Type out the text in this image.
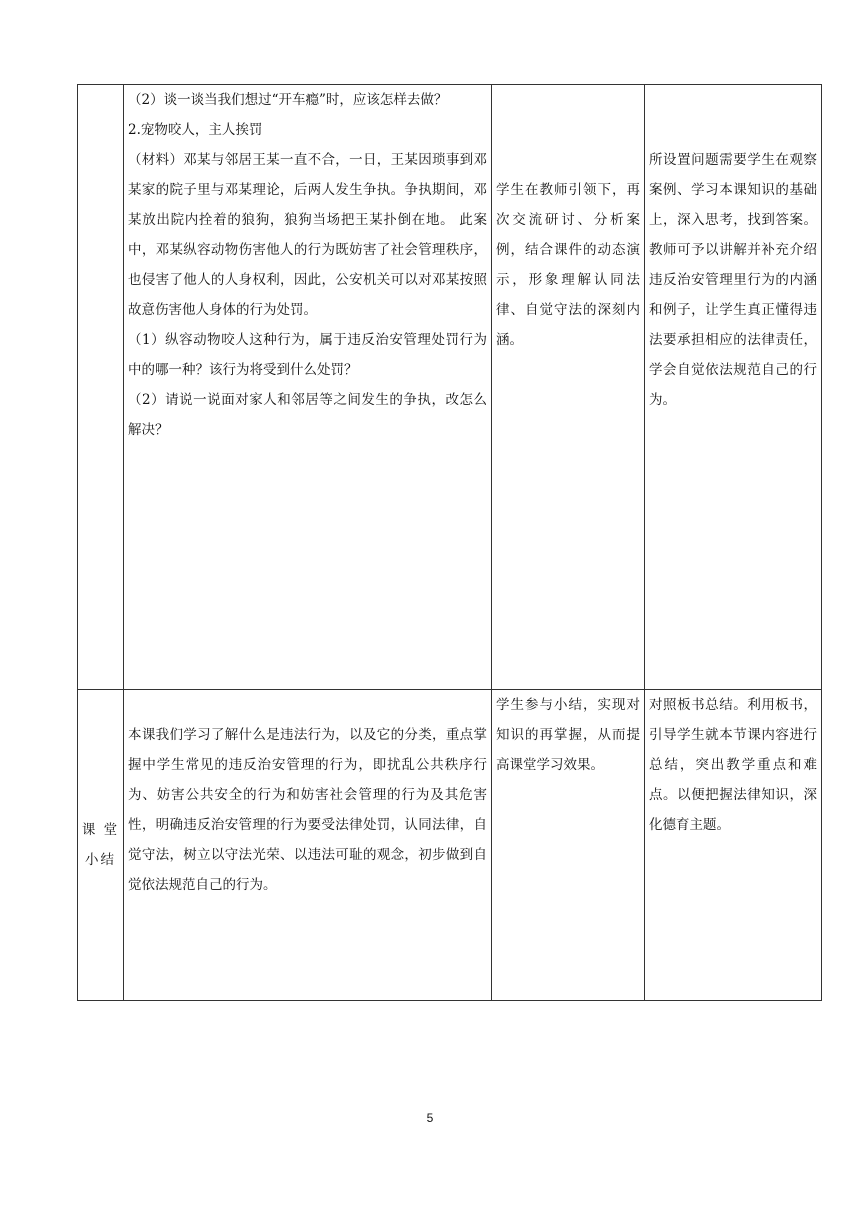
	（2）谈一谈当我们想过“开车瘾”时，应该怎样去做？

2.宠物咬人，主人挨罚

（材料）邓某与邻居王某一直不合，一日，王某因琐事到邓某家的院子里与邓某理论，后两人发生争执。争执期间，邓某放出院内拴着的狼狗，狼狗当场把王某扑倒在地。 此案中，邓某纵容动物伤害他人的行为既妨害了社会管理秩序，也侵害了他人的人身权利，因此，公安机关可以对邓某按照故意伤害他人身体的行为处罚。

（1）纵容动物咬人这种行为，属于违反治安管理处罚行为中的哪一种？该行为将受到什么处罚？

（2）请说一说面对家人和邻居等之间发生的争执，改怎么解决？	学生在教师引领下，再次交流研讨、分析案例，结合课件的动态演示，形象理解认同法律、自觉守法的深刻内涵。	所设置问题需要学生在观察案例、学习本课知识的基础上，深入思考，找到答案。教师可予以讲解并补充介绍违反治安管理里行为的内涵和例子，让学生真正懂得违法要承担相应的法律责任，学会自觉依法规范自己的行为。

课 堂
小结	本课我们学习了解什么是违法行为，以及它的分类，重点掌握中学生常见的违反治安管理的行为，即扰乱公共秩序行为、妨害公共安全的行为和妨害社会管理的行为及其危害性，明确违反治安管理的行为要受法律处罚，认同法律，自觉守法，树立以守法光荣、以违法可耻的观念，初步做到自觉依法规范自己的行为。	学生参与小结，实现对知识的再掌握，从而提高课堂学习效果。	对照板书总结。利用板书，引导学生就本节课内容进行总结，突出教学重点和难点。以便把握法律知识，深化德育主题。

5
